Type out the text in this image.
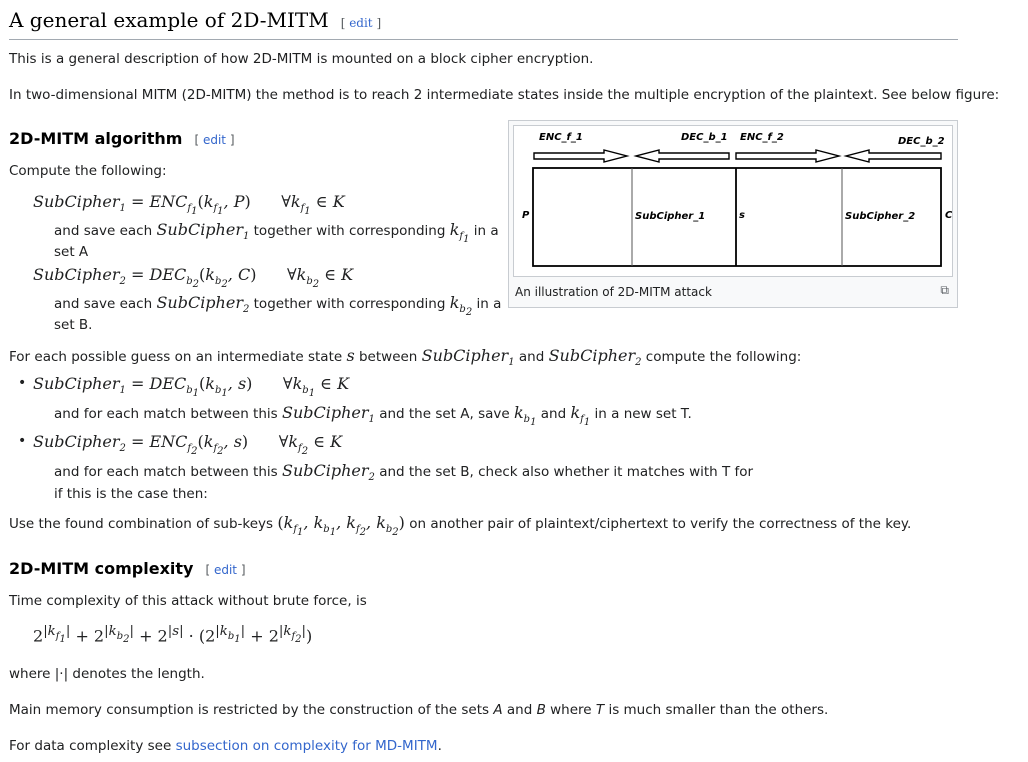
A general example of 2D-MITM [ edit ]
This is a general description of how 2D-MITM is mounted on a block cipher encryption.
In two-dimensional MITM (2D-MITM) the method is to reach 2 intermediate states inside the multiple encryption of the plaintext. See below figure:
2D-MITM algorithm [ edit ]
Compute the following:
SubCipher$_1$ = $ENC_{f_1}(k_{f_1}$, P) $\forall k_{f_1}$ ∈ K
and save each SubCipher$_1$ together with corresponding $k_{f_1}$ in a
set A
SubCipher$_2$ = $DEC_{b_2}(k_{b_2}$, C) $\forall k_{b_2}$ ∈ K
and save each SubCipher$_2$ together with corresponding $k_{b_2}$ in a
set B.
ENC_f_1	DEC_b_1 ENC_f_2	DEC_b_2
P	SubCipher_1	s	SubCipher_2	C
An illustration of 2D-MITM attack	⧉
For each possible guess on an intermediate state s between SubCipher$_1$ and SubCipher$_2$ compute the following:
• SubCipher$_1$ = $DEC_{b_1}(k_{b_1}$, s) $\forall k_{b_1}$ ∈ K
and for each match between this SubCipher$_1$ and the set A, save $k_{b_1}$ and $k_{f_1}$ in a new set T.
• SubCipher$_2$ = $ENC_{f_2}(k_{f_2}$, s) $\forall k_{f_2}$ ∈ K
and for each match between this SubCipher$_2$ and the set B, check also whether it matches with T for
if this is the case then:
Use the found combination of sub-keys ($k_{f_1}$, $k_{b_1}$, $k_{f_2}$, $k_{b_2}$) on another pair of plaintext/ciphertext to verify the correctness of the key.
2D-MITM complexity [ edit ]
Time complexity of this attack without brute force, is
$2^{|k_{f_1}|} + 2^{|k_{b_2}|} + 2^{|s|} \cdot (2^{|k_{b_1}|} + 2^{|k_{f_2}|})$
where |·| denotes the length.
Main memory consumption is restricted by the construction of the sets A and B where T is much smaller than the others.
For data complexity see subsection on complexity for MD-MITM.
